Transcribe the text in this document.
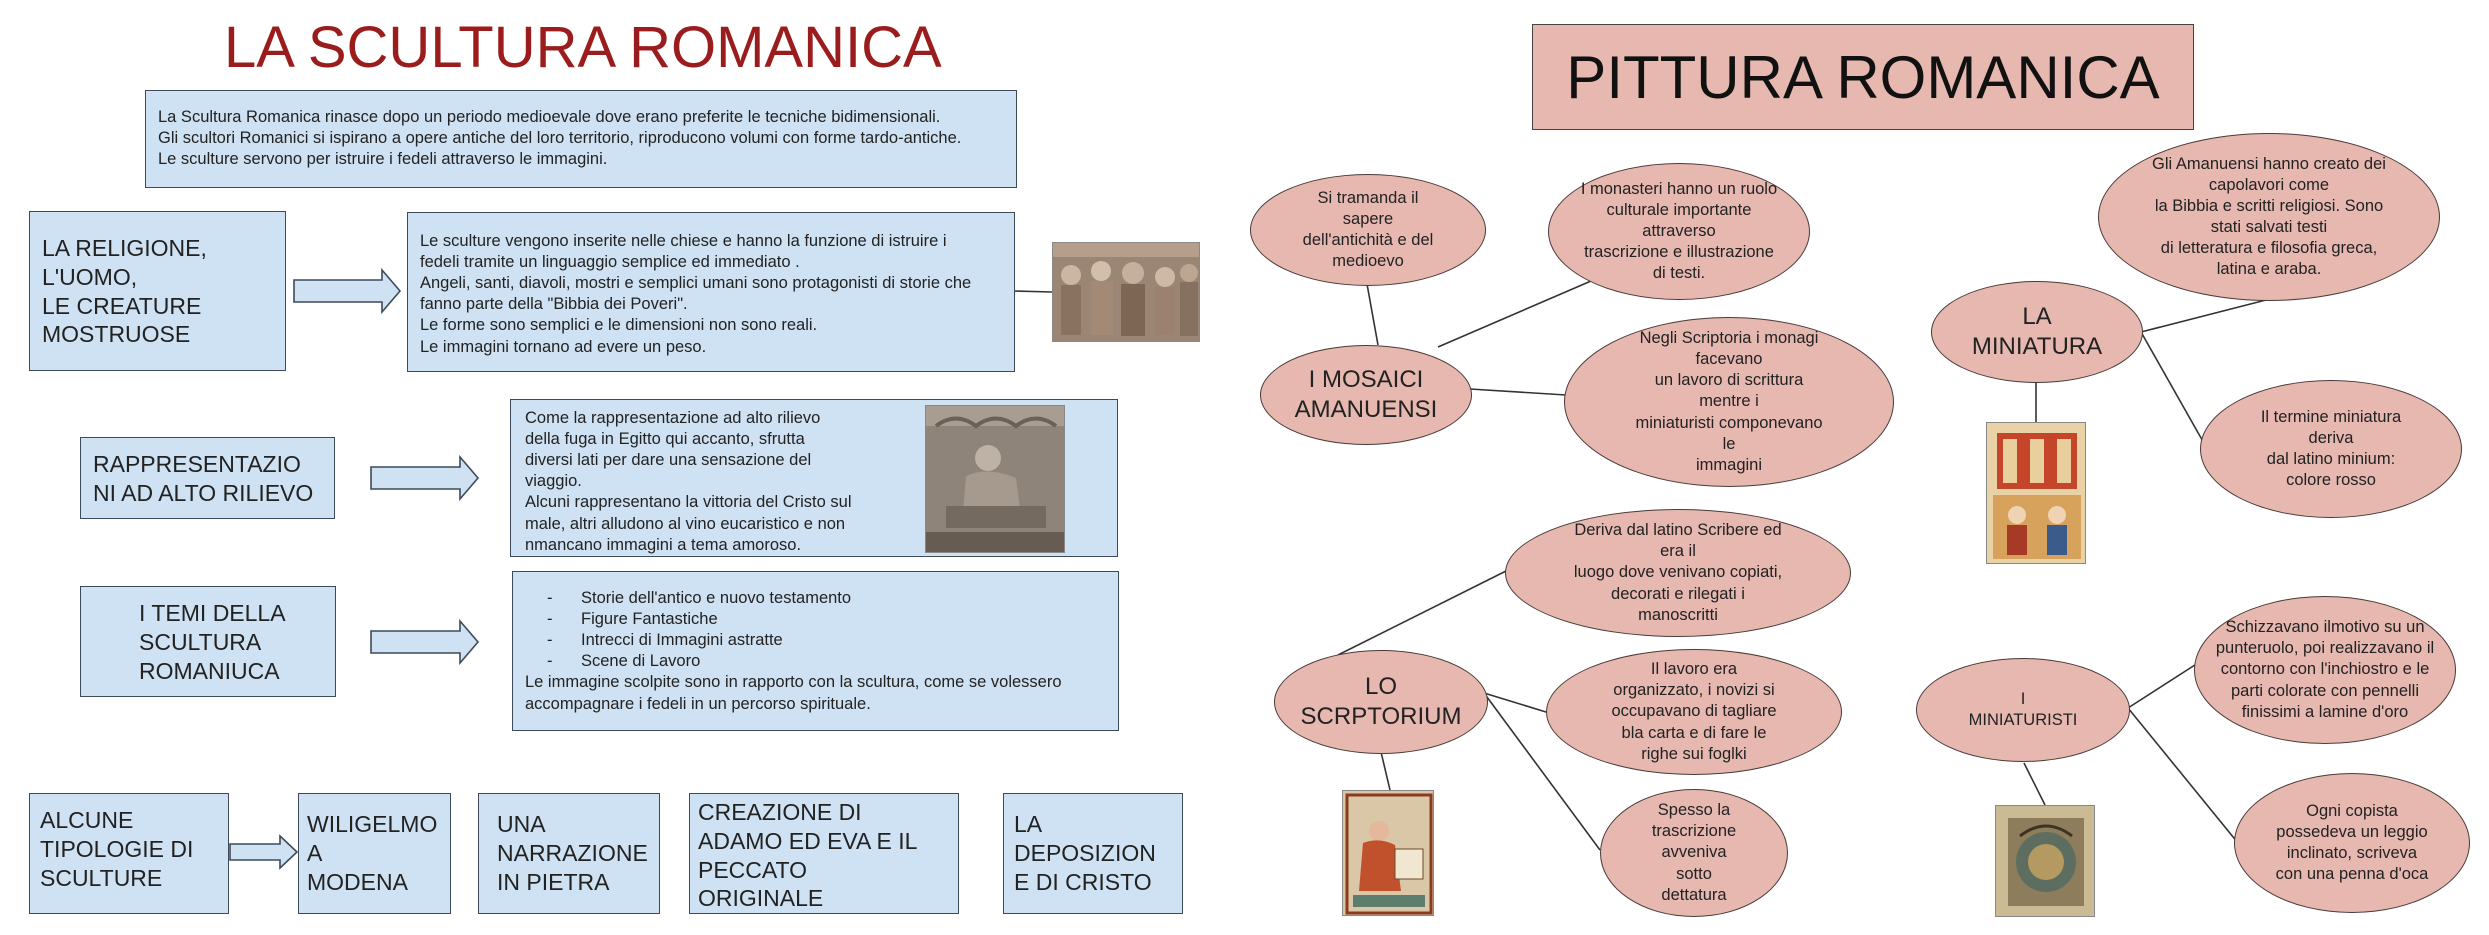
LA SCULTURA ROMANICA
La Scultura Romanica rinasce dopo un periodo medioevale dove erano preferite le tecniche bidimensionali.
Gli scultori Romanici si ispirano a opere antiche del loro territorio, riproducono volumi con forme tardo-antiche.
Le sculture servono per istruire i fedeli attraverso le immagini.
LA RELIGIONE,
L'UOMO,
LE CREATURE
MOSTRUOSE
Le sculture vengono inserite nelle chiese e hanno la funzione di istruire i
fedeli tramite un linguaggio semplice ed immediato .
Angeli, santi, diavoli, mostri e semplici umani sono protagonisti di storie che
fanno parte della "Bibbia dei Poveri".
Le forme sono semplici e le dimensioni non sono reali.
Le immagini tornano ad evere un peso.
RAPPRESENTAZIO
NI AD ALTO RILIEVO
Come la rappresentazione ad alto rilievo
della fuga in Egitto qui accanto, sfrutta
diversi lati per dare una sensazione del
viaggio.
Alcuni rappresentano la vittoria del Cristo sul
male, altri alludono al vino eucaristico e non
nmancano immagini a tema amoroso.
I TEMI DELLA
SCULTURA
ROMANIUCA
- Storie dell'antico e nuovo testamento
- Figure Fantastiche
- Intrecci di Immagini astratte
- Scene di Lavoro
Le immagine scolpite sono in rapporto con la scultura, come se volessero
accompagnare i fedeli in un percorso spirituale.
ALCUNE
TIPOLOGIE DI
SCULTURE
WILIGELMO
A
MODENA
UNA
NARRAZIONE
IN PIETRA
CREAZIONE DI
ADAMO ED EVA E IL
PECCATO
ORIGINALE
LA
DEPOSIZION
E DI CRISTO
PITTURA ROMANICA
Si tramanda il
sapere
dell'antichità e del
medioevo
I monasteri hanno un ruolo
culturale importante
attraverso
trascrizione e illustrazione
di testi.
I MOSAICI
AMANUENSI
Negli Scriptoria i monagi
facevano
un lavoro di scrittura
mentre i
miniaturisti componevano
le
immagini
Deriva dal latino Scribere ed
era il
luogo dove venivano copiati,
decorati e rilegati i
manoscritti
LO
SCRPTORIUM
Il lavoro era
organizzato, i novizi si
occupavano di tagliare
bla carta e di fare le
righe sui foglki
Spesso la
trascrizione
avveniva
sotto
dettatura
Gli Amanuensi hanno creato dei
capolavori come
la Bibbia e scritti religiosi. Sono
stati salvati testi
di letteratura e filosofia greca,
latina e araba.
LA
MINIATURA
Il termine miniatura
deriva
dal latino minium:
colore rosso
Schizzavano ilmotivo su un
punteruolo, poi realizzavano il
contorno con l'inchiostro e le
parti colorate con pennelli
finissimi a lamine d'oro
I
MINIATURISTI
Ogni copista
possedeva un leggio
inclinato, scriveva
con una penna d'oca
